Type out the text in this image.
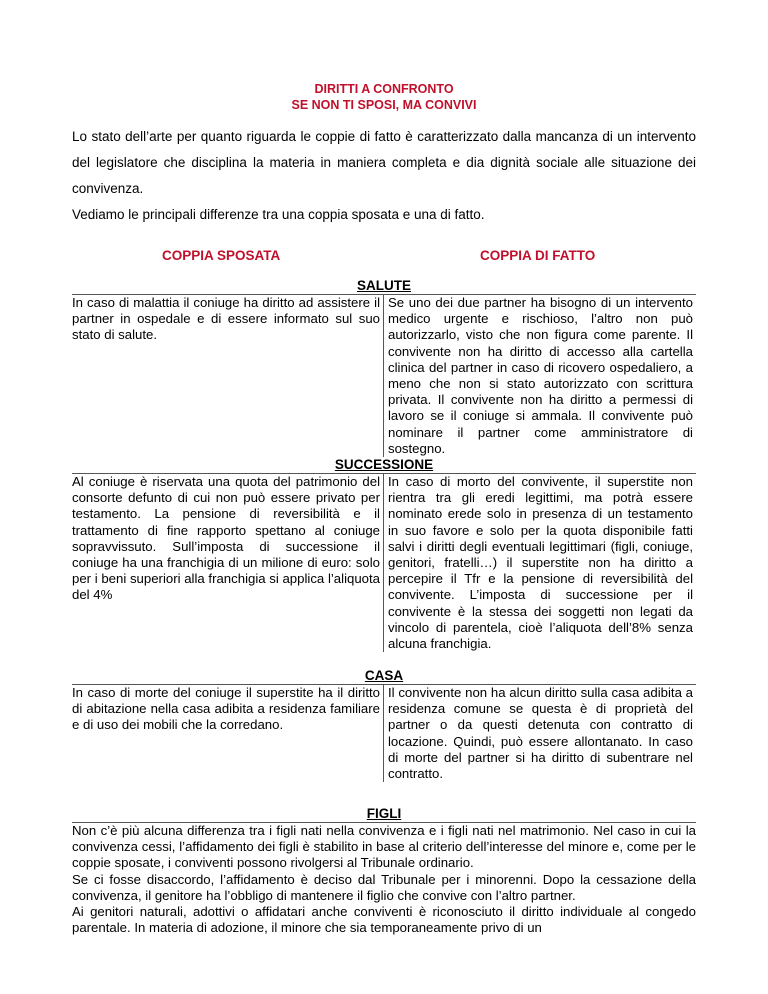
DIRITTI A CONFRONTO
SE NON TI SPOSI, MA CONVIVI

Lo stato dell’arte per quanto riguarda le coppie di fatto è caratterizzato dalla mancanza di un intervento del legislatore che disciplina la materia in maniera completa e dia dignità sociale alle situazione dei convivenza.

Vediamo le principali differenze tra una coppia sposata e una di fatto.

COPPIA SPOSATA	COPPIA DI FATTO
SALUTE
In caso di malattia il coniuge ha diritto ad assistere il partner in ospedale e di essere informato sul suo stato di salute.
Se uno dei due partner ha bisogno di un intervento medico urgente e rischioso, l’altro non può autorizzarlo, visto che non figura come parente. Il convivente non ha diritto di accesso alla cartella clinica del partner in caso di ricovero ospedaliero, a meno che non si stato autorizzato con scrittura privata. Il convivente non ha diritto a permessi di lavoro se il coniuge si ammala. Il convivente può nominare il partner come amministratore di sostegno.
SUCCESSIONE
Al coniuge è riservata una quota del patrimonio del consorte defunto di cui non può essere privato per testamento. La pensione di reversibilità e il trattamento di fine rapporto spettano al coniuge sopravvissuto. Sull’imposta di successione il coniuge ha una franchigia di un milione di euro: solo per i beni superiori alla franchigia si applica l’aliquota del 4%
In caso di morto del convivente, il superstite non rientra tra gli eredi legittimi, ma potrà essere nominato erede solo in presenza di un testamento in suo favore e solo per la quota disponibile fatti salvi i diritti degli eventuali legittimari (figli, coniuge, genitori, fratelli…) il superstite non ha diritto a percepire il Tfr e la pensione di reversibilità del convivente. L’imposta di successione per il convivente è la stessa dei soggetti non legati da vincolo di parentela, cioè l’aliquota dell’8% senza alcuna franchigia.
CASA
In caso di morte del coniuge il superstite ha il diritto di abitazione nella casa adibita a residenza familiare e di uso dei mobili che la corredano.
Il convivente non ha alcun diritto sulla casa adibita a residenza comune se questa è di proprietà del partner o da questi detenuta con contratto di locazione. Quindi, può essere allontanato. In caso di morte del partner si ha diritto di subentrare nel contratto.
FIGLI

Non c’è più alcuna differenza tra i figli nati nella convivenza e i figli nati nel matrimonio. Nel caso in cui la convivenza cessi, l’affidamento dei figli è stabilito in base al criterio dell’interesse del minore e, come per le coppie sposate, i conviventi possono rivolgersi al Tribunale ordinario.

Se ci fosse disaccordo, l’affidamento è deciso dal Tribunale per i minorenni. Dopo la cessazione della convivenza, il genitore ha l’obbligo di mantenere il figlio che convive con l’altro partner.

Ai genitori naturali, adottivi o affidatari anche conviventi è riconosciuto il diritto individuale al congedo parentale. In materia di adozione, il minore che sia temporaneamente privo di un
